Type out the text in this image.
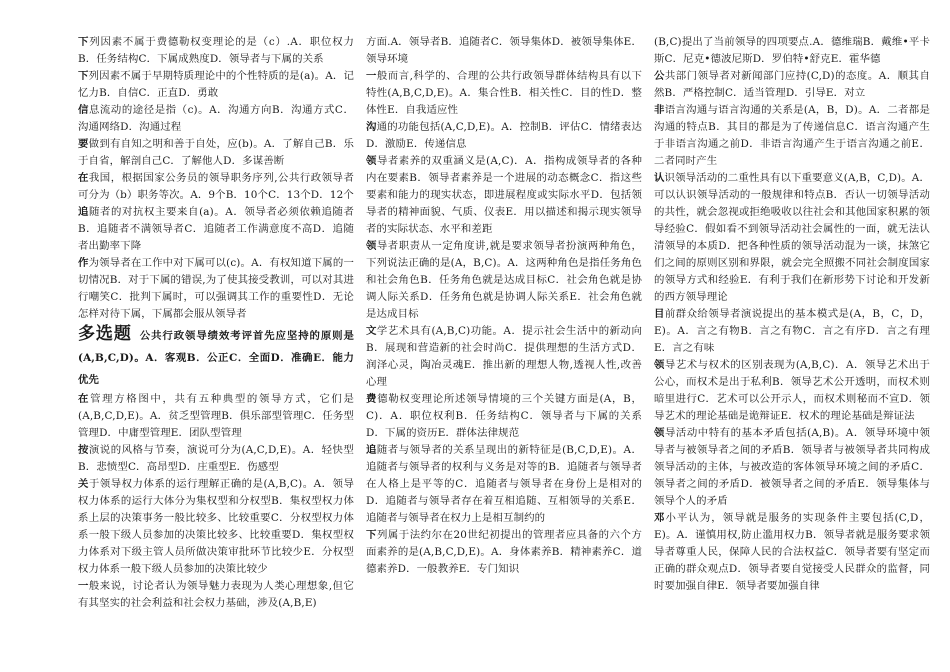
下列因素不属于费德勒权变理论的是（c）.A．职位权力B．任务结构C．下属成熟度D．领导者与下属的关系

下列因素不属于早期特质理论中的个性特质的是(a)。A．记忆力B．自信C．正直D．勇敢

信息流动的途径是指（c)。A．沟通方向B．沟通方式C．沟通网络D．沟通过程

要做到有自知之明和善于自处，应(b)。A．了解自己B．乐于自省，解剖自己C．了解他人D．多谋善断

在我国，根据国家公务员的领导职务序列,公共行政领导者可分为（b）职务等次。A．9个B．10个C．13个D．12个

追随者的对抗权主要来自(a)。A．领导者必须依赖追随者B．追随者不满领导者C．追随者工作满意度不高D．追随者出勤率下降

作为领导者在工作中对下属可以(c)。A．有权知道下属的一切情况B．对于下属的错误,为了使其接受教训，可以对其进行嘲笑C．批判下属时，可以强调其工作的重要性D．无论怎样对待下属，下属都会服从领导者

多选题 公共行政领导绩效考评首先应坚持的原则是(A,B,C,D)。A．客观B．公正C．全面D．准确E．能力优先

在管理方格图中，共有五种典型的领导方式，它们是(A,B,C,D,E)。A．贫乏型管理B．俱乐部型管理C．任务型管理D．中庸型管理E．团队型管理

按演说的风格与节奏，演说可分为(A,C,D,E)。A．轻快型B．悲愤型C．高昂型D．庄重型E．伤感型

关于领导权力体系的运行理解正确的是(A,B,C)。A．领导权力体系的运行大体分为集权型和分权型B．集权型权力体系上层的决策事务一般比较多、比较重要C．分权型权力体系一般下级人员参加的决策比较多、比较重要D．集权型权力体系对下级主管人员所做决策审批环节比较少E．分权型权力体系一般下级人员参加的决策比较少

一般来说，讨论者认为领导魅力表现为人类心理想象,但它有其坚实的社会利益和社会权力基础，涉及(A,B,E)

方面.A．领导者B．追随者C．领导集体D．被领导集体E．领导环境

一般而言,科学的、合理的公共行政领导群体结构具有以下特性(A,B,C,D,E)。A．集合性B．相关性C．目的性D．整体性E．自我适应性

沟通的功能包括(A,C,D,E)。A．控制B．评估C．情绪表达D．激励E．传递信息

领导者素养的双重涵义是(A,C)．A．指构成领导者的各种内在要素B．领导者素养是一个进展的动态概念C．指这些要素和能力的现实状态，即进展程度或实际水平D．包括领导者的精神面貌、气质、仪表E．用以描述和揭示现实领导者的实际状态、水平和差距

领导者职责从一定角度讲,就是要求领导者扮演两种角色，下列说法正确的是(A，B,C)。A．这两种角色是指任务角色和社会角色B．任务角色就是达成目标C．社会角色就是协调人际关系D．任务角色就是协调人际关系E．社会角色就是达成目标

文学艺术具有(A,B,C)功能。A．提示社会生活中的新动向B．展现和营造新的社会时尚C．提供理想的生活方式D．润泽心灵，陶冶灵魂E．推出新的理想人物,透视人性,改善心理

费德勒权变理论所述领导情境的三个关键方面是(A，B，C)．A．职位权利B．任务结构C．领导者与下属的关系D．下属的资历E．群体法律规范

追随者与领导者的关系呈现出的新特征是(B,C,D,E)。A．追随者与领导者的权利与义务是对等的B．追随者与领导者在人格上是平等的C．追随者与领导者在身份上是相对的D．追随者与领导者存在着互相追随、互相领导的关系E．追随者与领导者在权力上是相互制约的

下列属于法约尔在20世纪初提出的管理者应具备的六个方面素养的是(A,B,C,D,E)。A．身体素养B．精神素养C．道德素养D．一般教养E．专门知识

(B,C)提出了当前领导的四项要点.A．德维瑞B．戴维•平卡斯C．尼克•德波尼斯D．罗伯特•舒克E．霍华德

公共部门领导者对新闻部门应持(C,D)的态度。A．顺其自然B．严格控制C．适当管理D．引导E．对立

非语言沟通与语言沟通的关系是(A，B，D)。A．二者都是沟通的特点B．其目的都是为了传递信息C．语言沟通产生于非语言沟通之前D．非语言沟通产生于语言沟通之前E．二者同时产生

认识领导活动的二重性具有以下重要意义(A,B，C,D)。A．可以认识领导活动的一般规律和特点B．否认一切领导活动的共性，就会忽视或拒绝吸收以往社会和其他国家积累的领导经验C．假如看不到领导活动社会属性的一面，就无法认清领导的本质D．把各种性质的领导活动混为一谈，抹煞它们之间的原则区别和界限，就会完全照搬不同社会制度国家的领导方式和经验E．有利于我们在新形势下讨论和开发新的西方领导理论

目前群众给领导者演说提出的基本模式是(A，B，C，D，E)。A．言之有物B．言之有物C．言之有序D．言之有理E．言之有味

领导艺术与权术的区别表现为(A,B,C)．A．领导艺术出于公心，而权术是出于私利B．领导艺术公开透明，而权术则暗里进行C．艺术可以公开示人，而权术则秘而不宣D．领导艺术的理论基础是诡辩证E．权术的理论基础是辩证法

领导活动中特有的基本矛盾包括(A,B)。A．领导环境中领导者与被领导者之间的矛盾B．领导者与被领导者共同构成领导活动的主体，与被改造的客体领导环境之间的矛盾C．领导者之间的矛盾D．被领导者之间的矛盾E．领导集体与领导个人的矛盾

邓小平认为，领导就是服务的实现条件主要包括(C,D，E)。A．谨慎用权,防止滥用权力B．领导者就是服务要求领导者尊重人民，保障人民的合法权益C．领导者要有坚定而正确的群众观点D．领导者要自觉接受人民群众的监督，同时要加强自律E．领导者要加强自律
